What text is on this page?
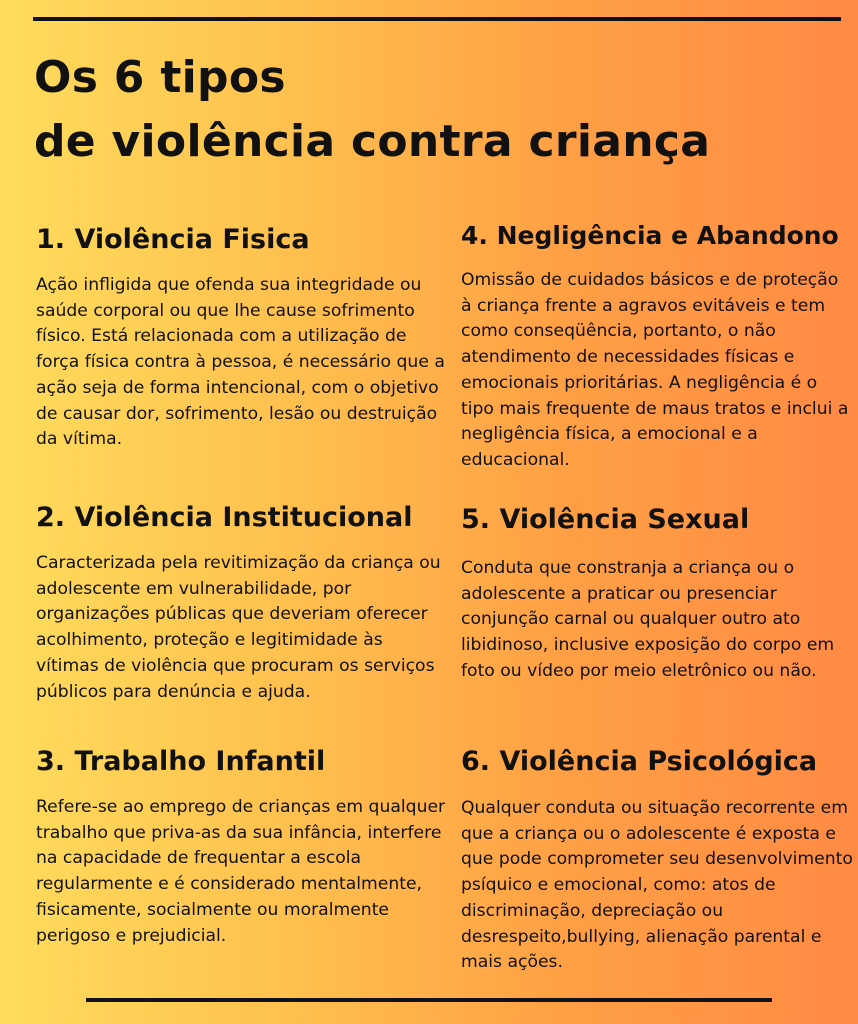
Os 6 tipos
de violência contra criança
1. Violência Fisica

Ação infligida que ofenda sua integridade ou saúde corporal ou que lhe cause sofrimento físico. Está relacionada com a utilização de força física contra à pessoa, é necessário que a ação seja de forma intencional, com o objetivo de causar dor, sofrimento, lesão ou destruição da vítima.

2. Violência Institucional

Caracterizada pela revitimização da criança ou adolescente em vulnerabilidade, por organizações públicas que deveriam oferecer acolhimento, proteção e legitimidade às vítimas de violência que procuram os serviços públicos para denúncia e ajuda.

3. Trabalho Infantil

Refere-se ao emprego de crianças em qualquer trabalho que priva-as da sua infância, interfere na capacidade de frequentar a escola regularmente e é considerado mentalmente, fisicamente, socialmente ou moralmente perigoso e prejudicial.

4. Negligência e Abandono

Omissão de cuidados básicos e de proteção à criança frente a agravos evitáveis e tem como conseqüência, portanto, o não atendimento de necessidades físicas e emocionais prioritárias. A negligência é o tipo mais frequente de maus tratos e inclui a negligência física, a emocional e a educacional.

5. Violência Sexual

Conduta que constranja a criança ou o adolescente a praticar ou presenciar conjunção carnal ou qualquer outro ato libidinoso, inclusive exposição do corpo em foto ou vídeo por meio eletrônico ou não.

6. Violência Psicológica

Qualquer conduta ou situação recorrente em que a criança ou o adolescente é exposta e que pode comprometer seu desenvolvimento psíquico e emocional, como: atos de discriminação, depreciação ou desrespeito,bullying, alienação parental e mais ações.
